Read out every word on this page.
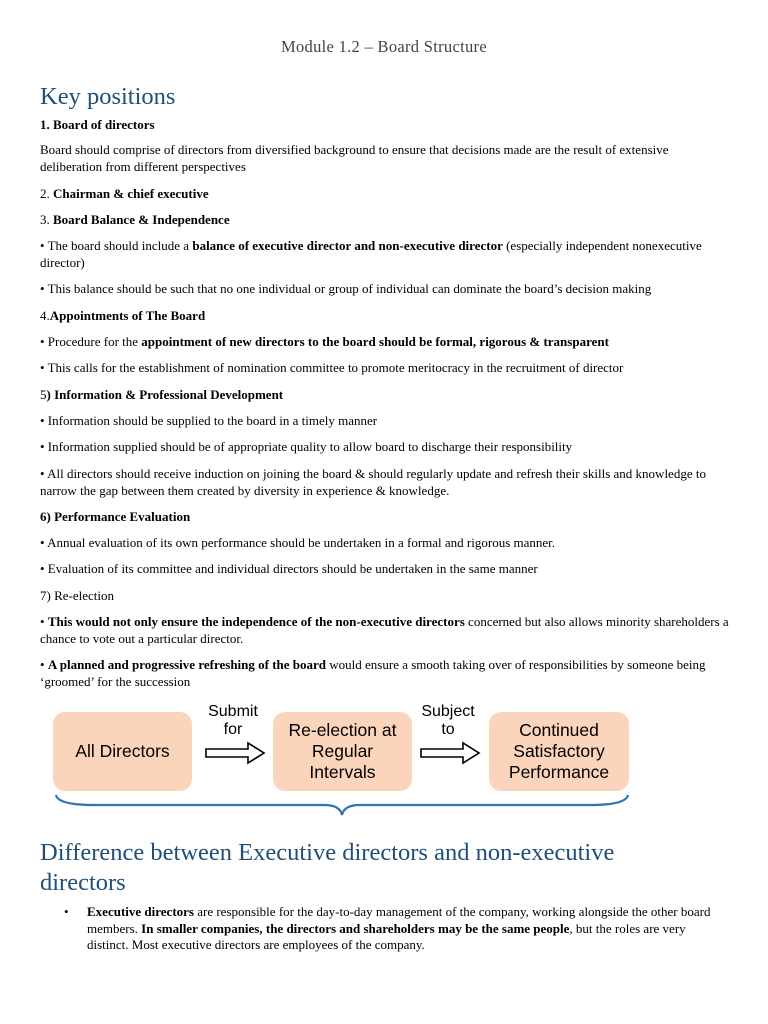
Module 1.2 – Board Structure
Key positions

1. Board of directors

Board should comprise of directors from diversified background to ensure that decisions made are the result of extensive deliberation from different perspectives

2. Chairman & chief executive

3. Board Balance & Independence

• The board should include a balance of executive director and non-executive director (especially independent nonexecutive director)

• This balance should be such that no one individual or group of individual can dominate the board’s decision making

4.Appointments of The Board

• Procedure for the appointment of new directors to the board should be formal, rigorous & transparent

• This calls for the establishment of nomination committee to promote meritocracy in the recruitment of director

5) Information & Professional Development

• Information should be supplied to the board in a timely manner

• Information supplied should be of appropriate quality to allow board to discharge their responsibility

• All directors should receive induction on joining the board & should regularly update and refresh their skills and knowledge to narrow the gap between them created by diversity in experience & knowledge.

6) Performance Evaluation

• Annual evaluation of its own performance should be undertaken in a formal and rigorous manner.

• Evaluation of its committee and individual directors should be undertaken in the same manner

7) Re-election

• This would not only ensure the independence of the non-executive directors concerned but also allows minority shareholders a chance to vote out a particular director.

• A planned and progressive refreshing of the board would ensure a smooth taking over of responsibilities by someone being ‘groomed’ for the succession

All Directors
Submit
for	Re-election at
Regular
Intervals
Subject
to	Continued
Satisfactory
Performance
Difference between Executive directors and non-executive
directors
• Executive directors are responsible for the day-to-day management of the company, working alongside the other board members. In smaller companies, the directors and shareholders may be the same people, but the roles are very distinct. Most executive directors are employees of the company.
